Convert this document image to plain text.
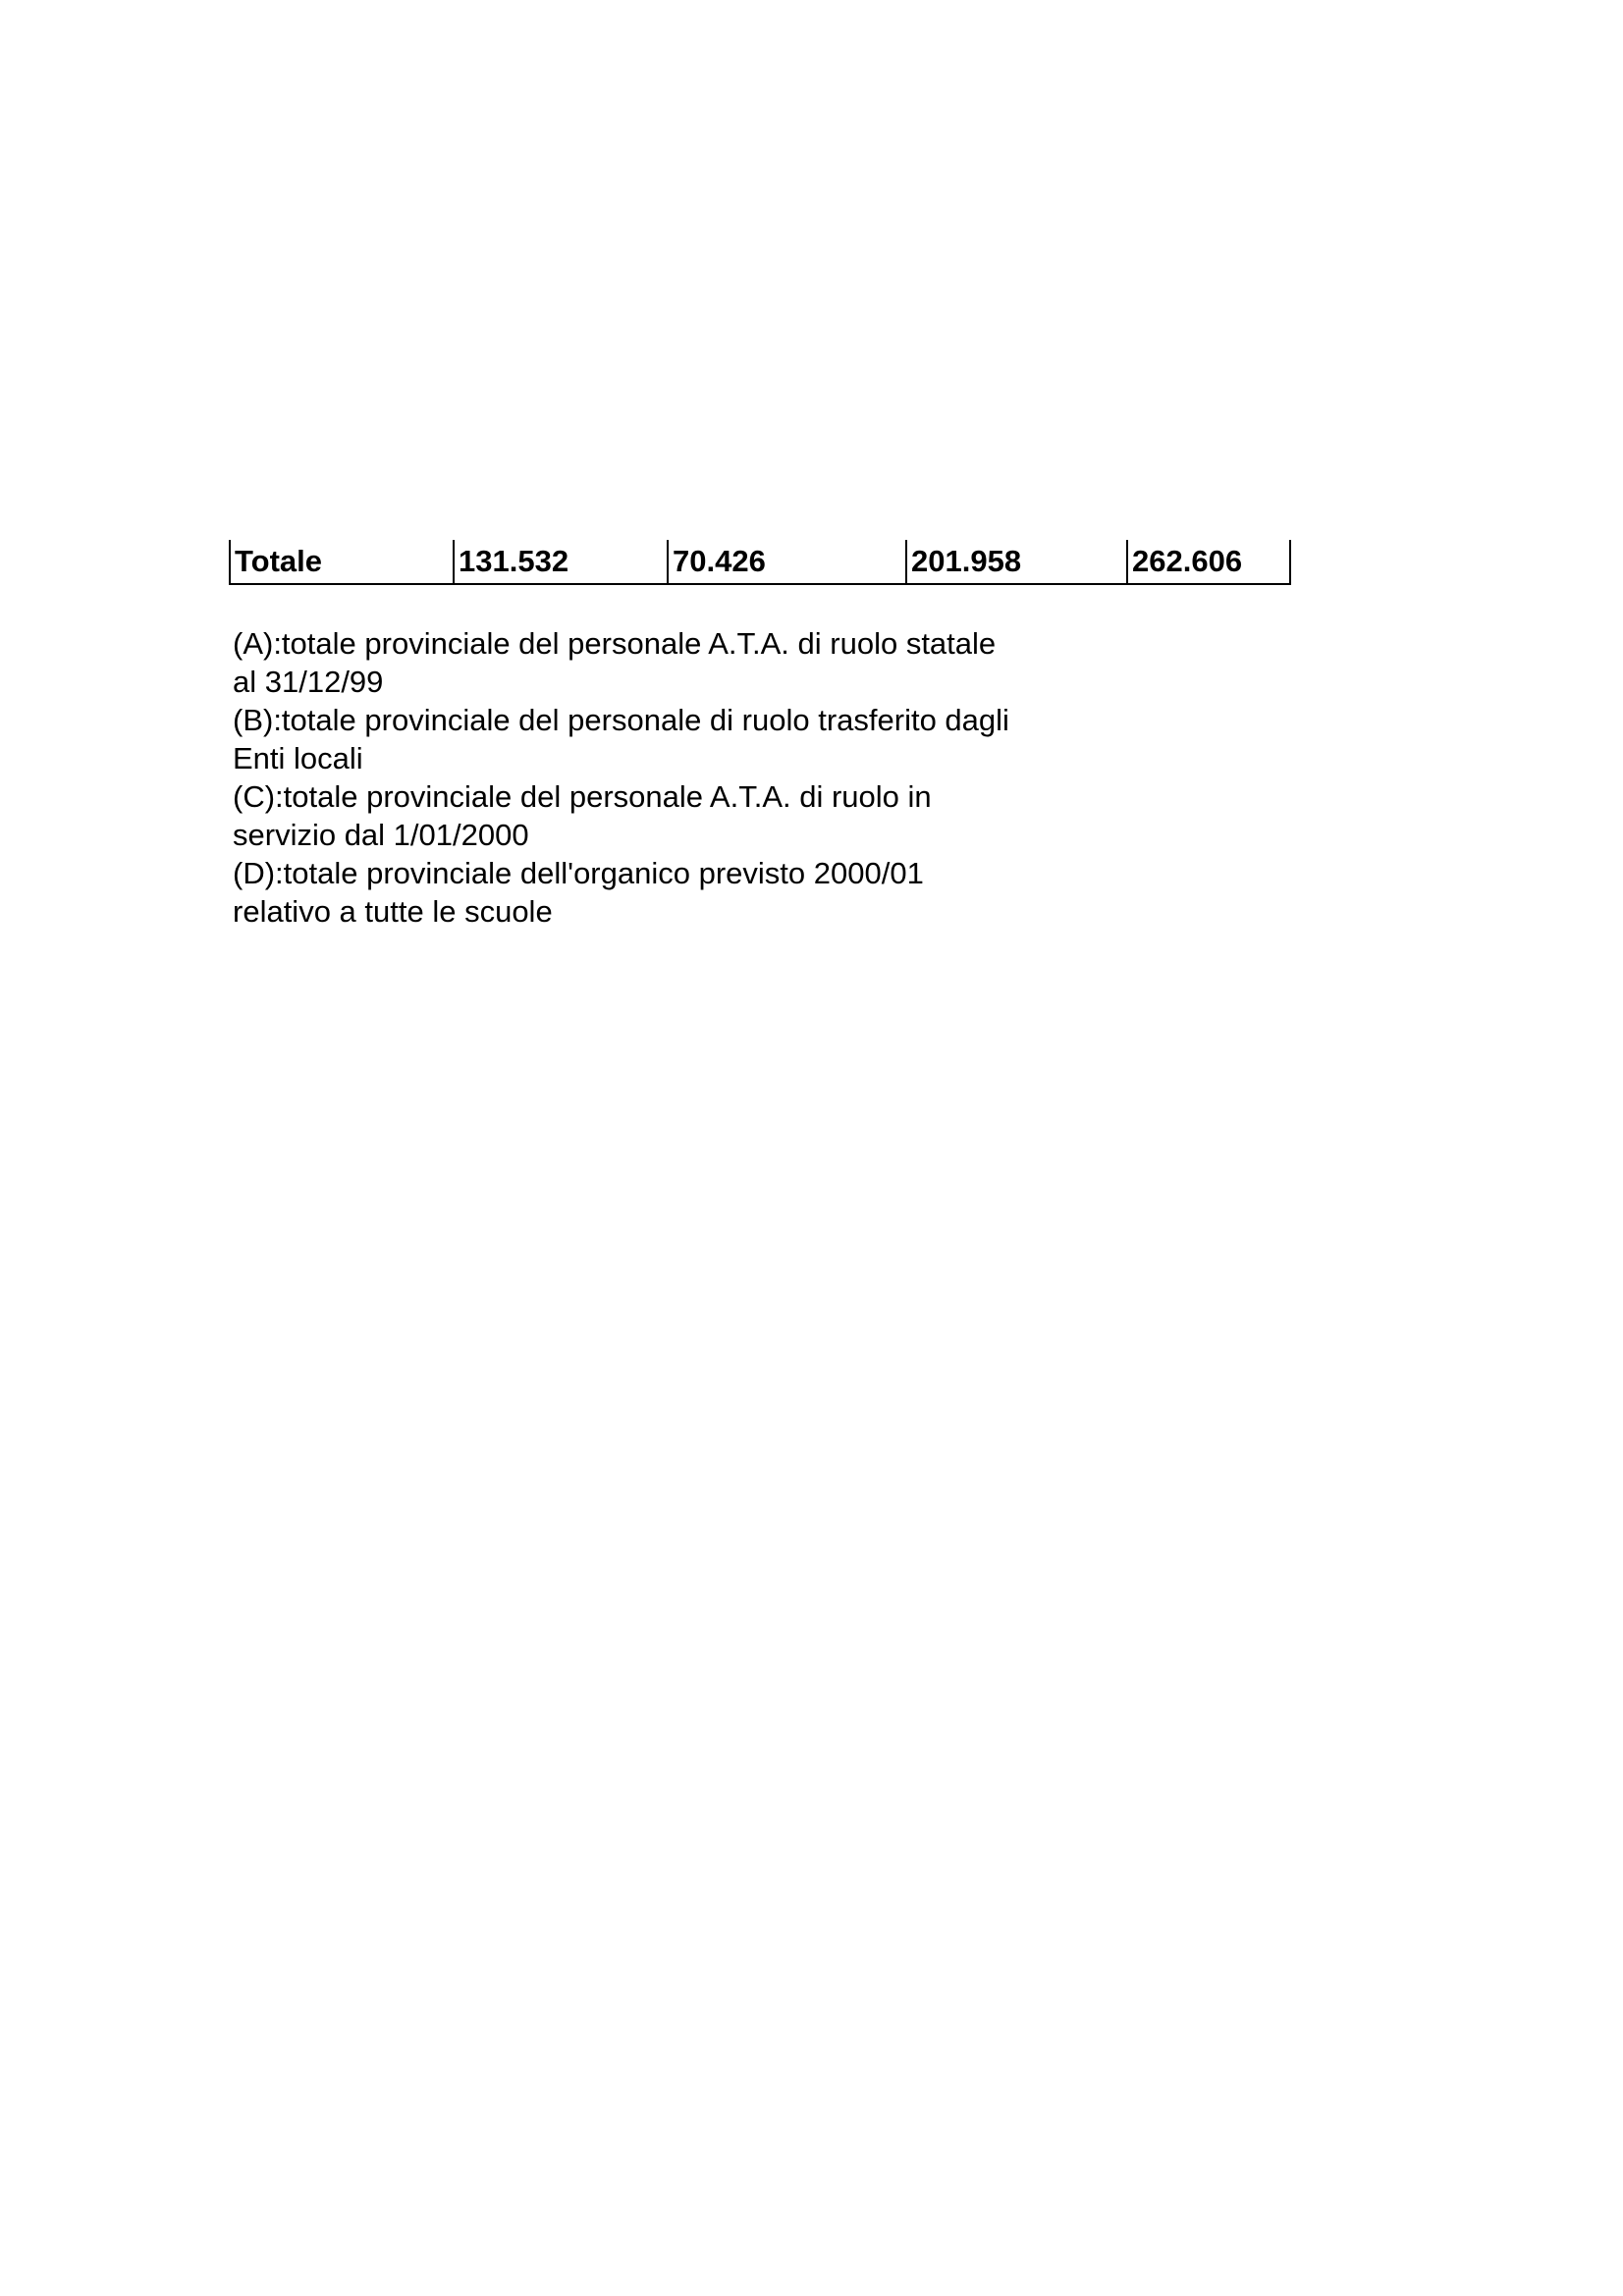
Totale	131.532	70.426	201.958	262.606

(A):totale provinciale del personale A.T.A. di ruolo statale
al 31/12/99

(B):totale provinciale del personale di ruolo trasferito dagli
Enti locali

(C):totale provinciale del personale A.T.A. di ruolo in
servizio dal 1/01/2000

(D):totale provinciale dell'organico previsto 2000/01
relativo a tutte le scuole
